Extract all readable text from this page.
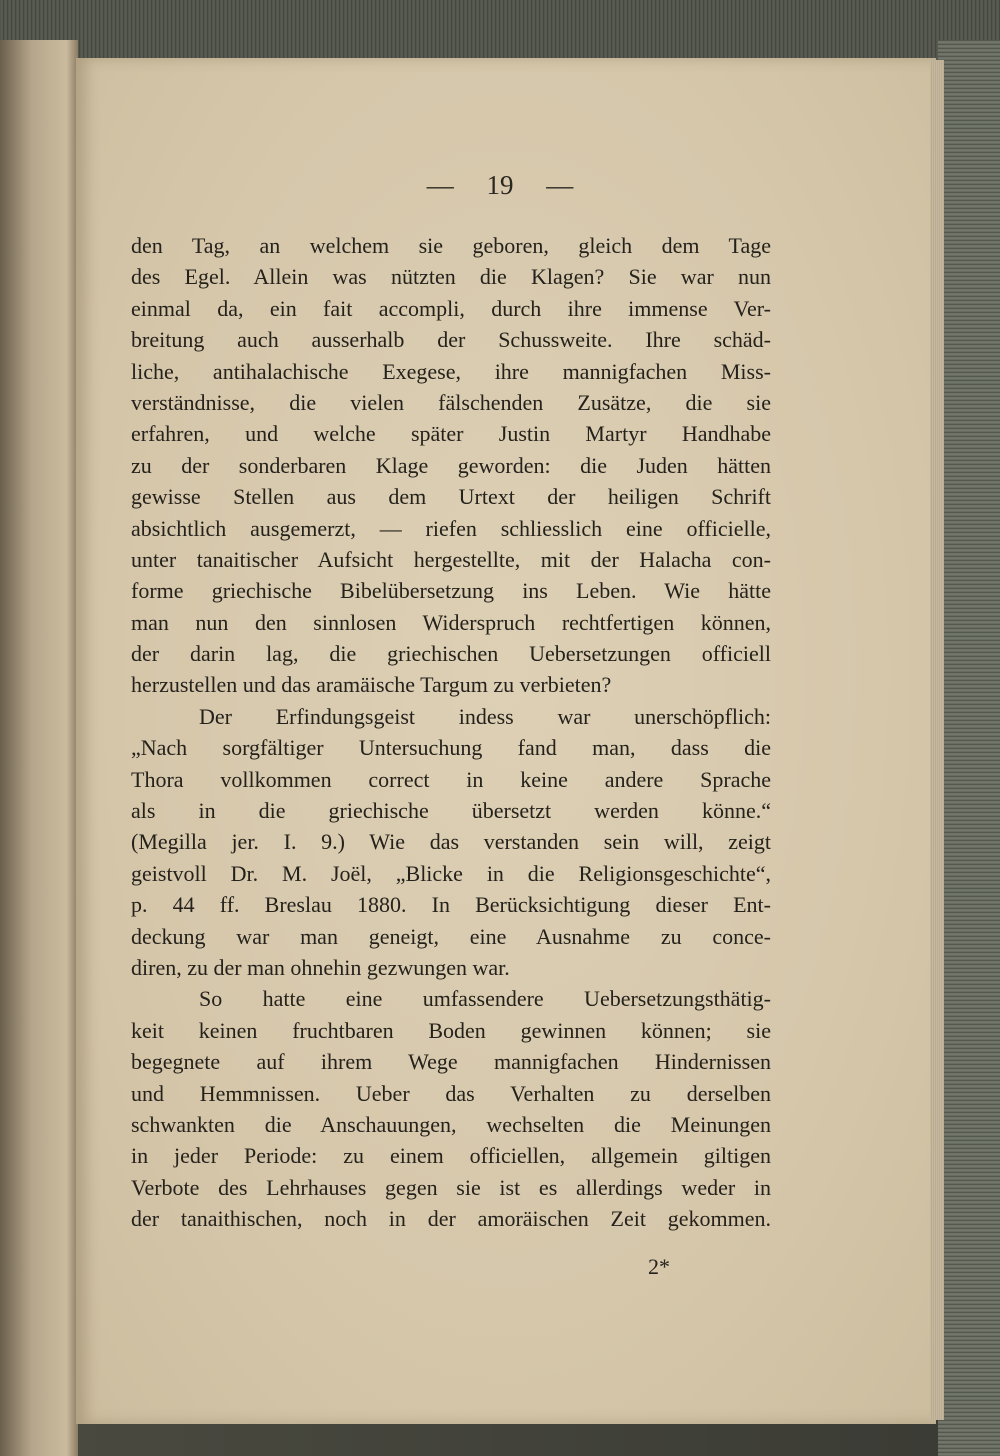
— 19 —
den Tag, an welchem sie geboren, gleich dem Tage
des Egel. Allein was nützten die Klagen? Sie war nun
einmal da, ein fait accompli, durch ihre immense Ver-
breitung auch ausserhalb der Schussweite. Ihre schäd-
liche, antihalachische Exegese, ihre mannigfachen Miss-
verständnisse, die vielen fälschenden Zusätze, die sie
erfahren, und welche später Justin Martyr Handhabe
zu der sonderbaren Klage geworden: die Juden hätten
gewisse Stellen aus dem Urtext der heiligen Schrift
absichtlich ausgemerzt, — riefen schliesslich eine officielle,
unter tanaitischer Aufsicht hergestellte, mit der Halacha con-
forme griechische Bibelübersetzung ins Leben. Wie hätte
man nun den sinnlosen Widerspruch rechtfertigen können,
der darin lag, die griechischen Uebersetzungen officiell
herzustellen und das aramäische Targum zu verbieten?
Der Erfindungsgeist indess war unerschöpflich:
„Nach sorgfältiger Untersuchung fand man, dass die
Thora vollkommen correct in keine andere Sprache
als in die griechische übersetzt werden könne.“
(Megilla jer. I. 9.) Wie das verstanden sein will, zeigt
geistvoll Dr. M. Joël, „Blicke in die Religionsgeschichte“,
p. 44 ff. Breslau 1880. In Berücksichtigung dieser Ent-
deckung war man geneigt, eine Ausnahme zu conce-
diren, zu der man ohnehin gezwungen war.
So hatte eine umfassendere Uebersetzungsthätig-
keit keinen fruchtbaren Boden gewinnen können; sie
begegnete auf ihrem Wege mannigfachen Hindernissen
und Hemmnissen. Ueber das Verhalten zu derselben
schwankten die Anschauungen, wechselten die Meinungen
in jeder Periode: zu einem officiellen, allgemein giltigen
Verbote des Lehrhauses gegen sie ist es allerdings weder in
der tanaithischen, noch in der amoräischen Zeit gekommen.
2*
